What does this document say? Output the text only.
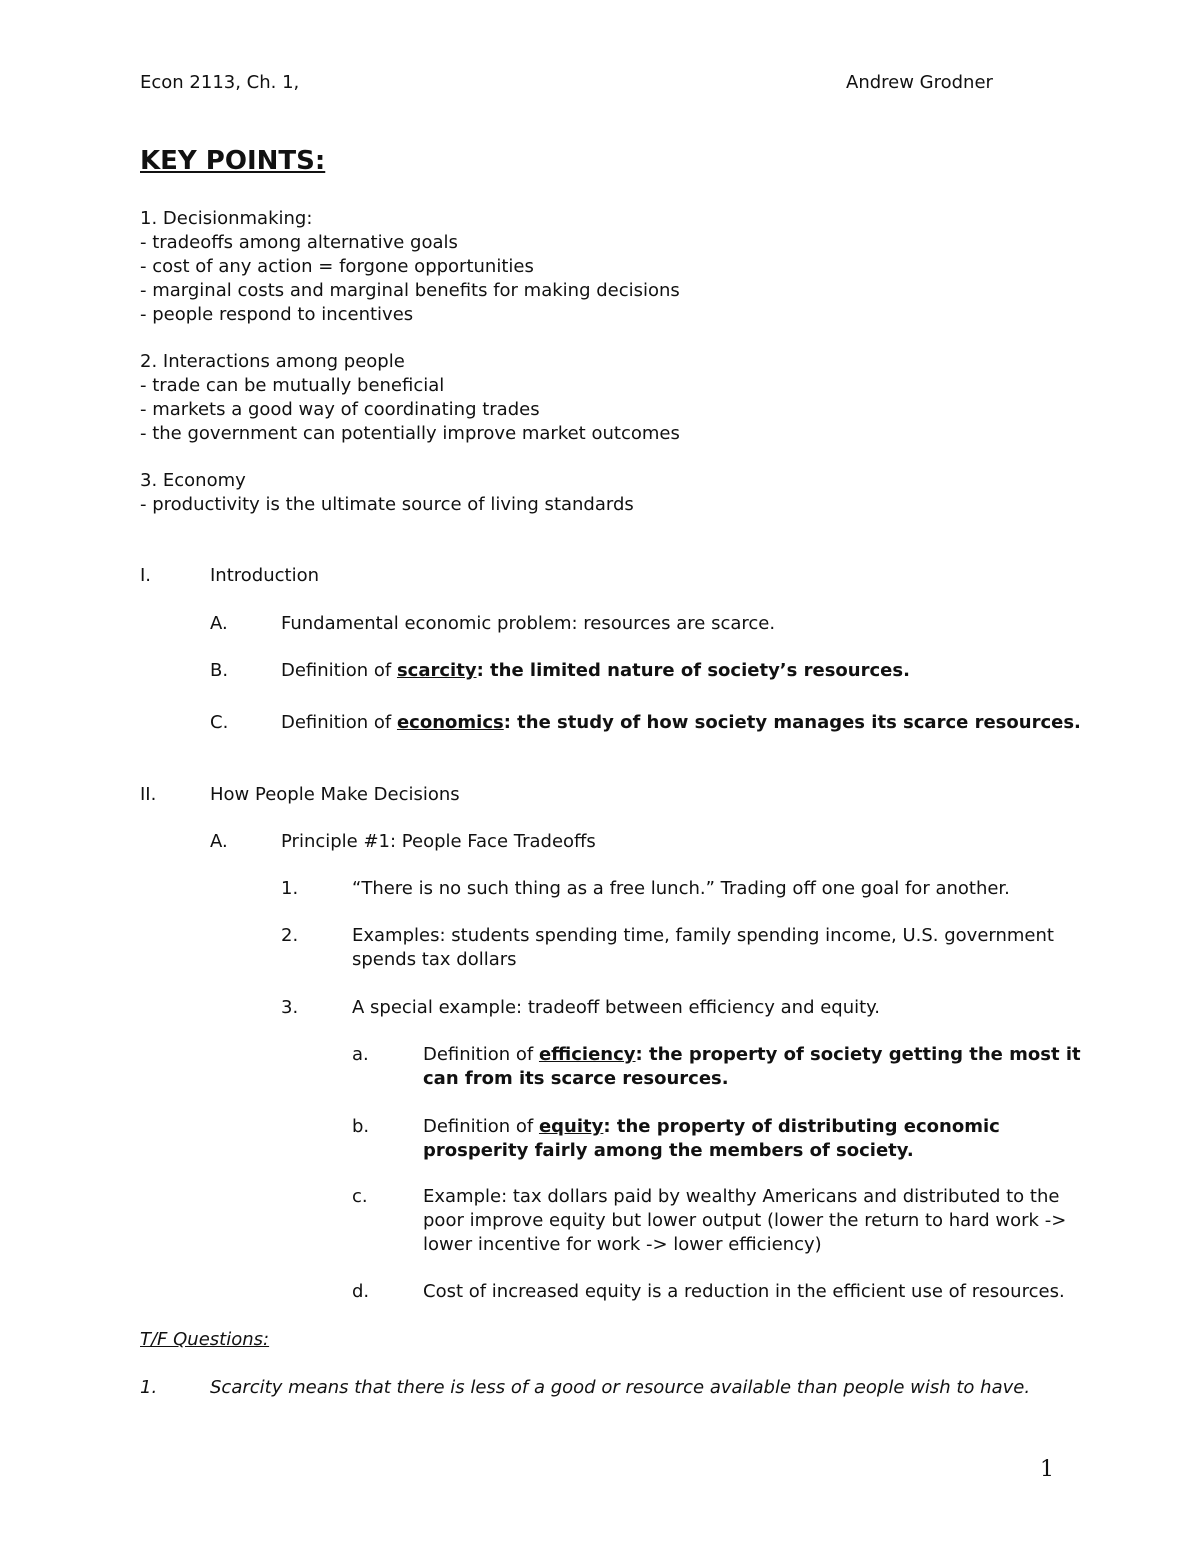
Econ 2113, Ch. 1,	Andrew Grodner
KEY POINTS:
1. Decisionmaking:
- tradeoffs among alternative goals
- cost of any action = forgone opportunities
- marginal costs and marginal benefits for making decisions
- people respond to incentives
2. Interactions among people
- trade can be mutually beneficial
- markets a good way of coordinating trades
- the government can potentially improve market outcomes
3. Economy
- productivity is the ultimate source of living standards
I.	Introduction
A.	Fundamental economic problem: resources are scarce.
B.	Definition of scarcity: the limited nature of society’s resources.
C.	Definition of economics: the study of how society manages its scarce resources.
II.	How People Make Decisions
A.	Principle #1: People Face Tradeoffs
1.	“There is no such thing as a free lunch.” Trading off one goal for another.
2.	Examples: students spending time, family spending income, U.S. government
spends tax dollars
3.	A special example: tradeoff between efficiency and equity.
a.	Definition of efficiency: the property of society getting the most it
can from its scarce resources.
b.	Definition of equity: the property of distributing economic
prosperity fairly among the members of society.
c.	Example: tax dollars paid by wealthy Americans and distributed to the
poor improve equity but lower output (lower the return to hard work ->
lower incentive for work -> lower efficiency)
d.	Cost of increased equity is a reduction in the efficient use of resources.
T/F Questions:
1.	Scarcity means that there is less of a good or resource available than people wish to have.
1
